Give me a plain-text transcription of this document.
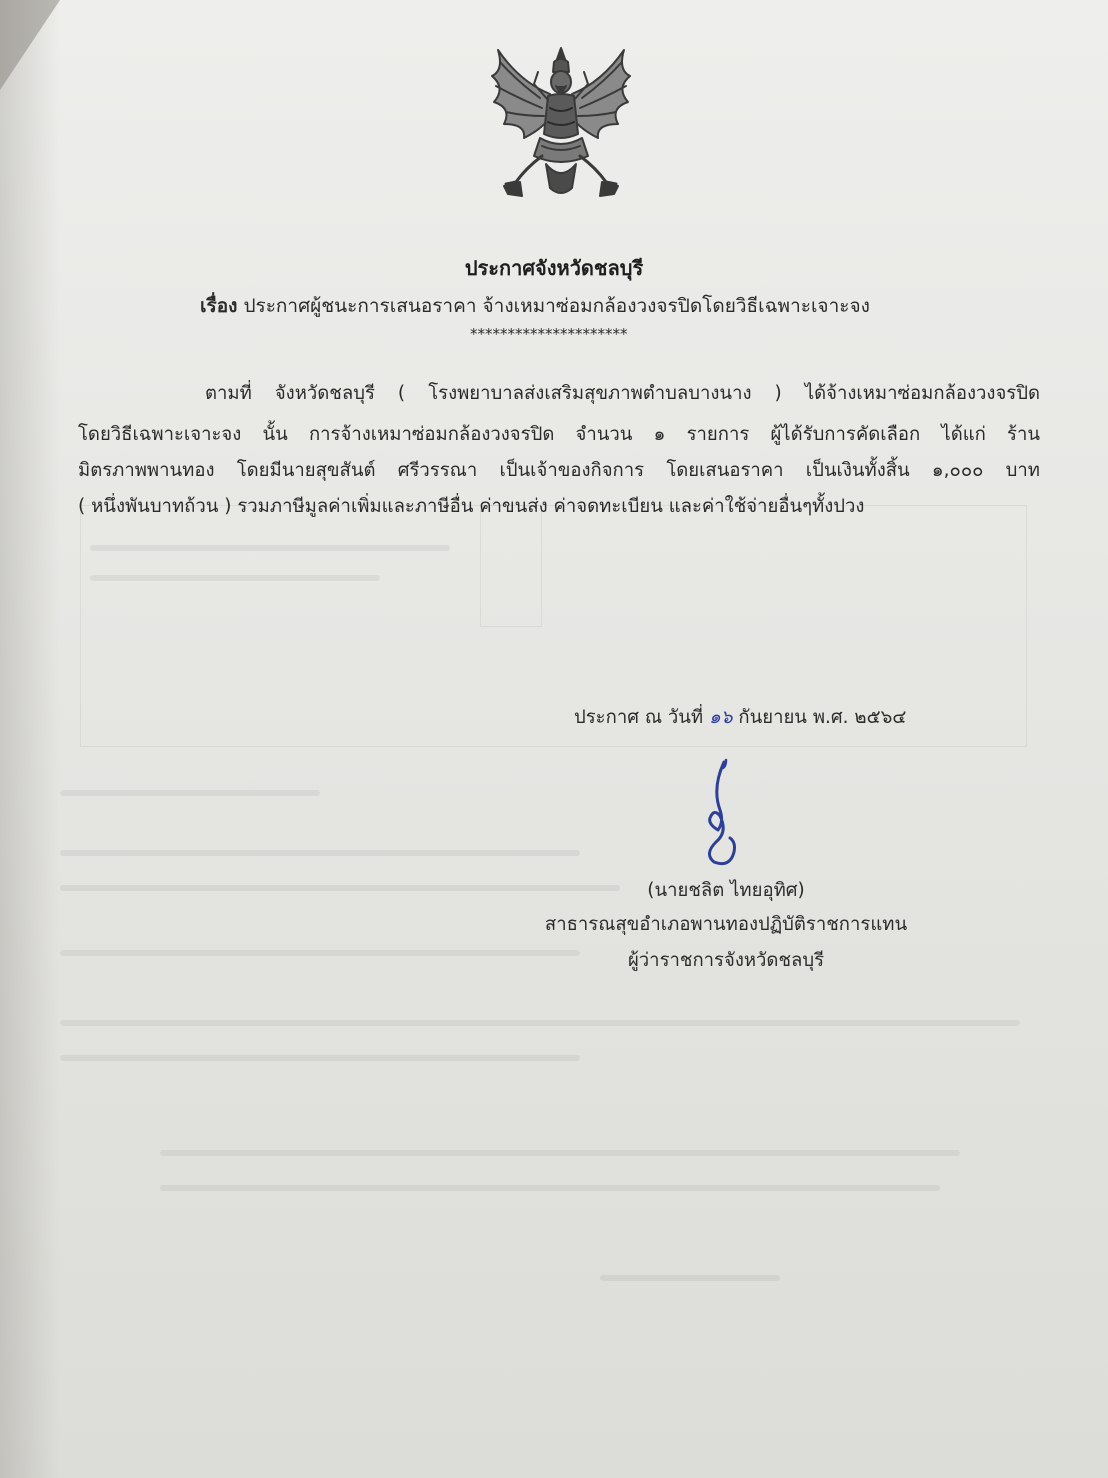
ประกาศจังหวัดชลบุรี
เรื่อง ประกาศผู้ชนะการเสนอราคา จ้างเหมาซ่อมกล้องวงจรปิดโดยวิธีเฉพาะเจาะจง
*********************
ตามที่ จังหวัดชลบุรี ( โรงพยาบาลส่งเสริมสุขภาพตำบลบางนาง ) ได้จ้างเหมาซ่อมกล้องวงจรปิด
โดยวิธีเฉพาะเจาะจง นั้น การจ้างเหมาซ่อมกล้องวงจรปิด จำนวน ๑ รายการ ผู้ได้รับการคัดเลือก ได้แก่ ร้าน
มิตรภาพพานทอง โดยมีนายสุขสันต์ ศรีวรรณา เป็นเจ้าของกิจการ โดยเสนอราคา เป็นเงินทั้งสิ้น ๑,๐๐๐ บาท
( หนึ่งพันบาทถ้วน ) รวมภาษีมูลค่าเพิ่มและภาษีอื่น ค่าขนส่ง ค่าจดทะเบียน และค่าใช้จ่ายอื่นๆทั้งปวง
ประกาศ ณ วันที่ ๑๖ กันยายน พ.ศ. ๒๕๖๔
(นายชลิต ไทยอุทิศ)
สาธารณสุขอำเภอพานทองปฏิบัติราชการแทน
ผู้ว่าราชการจังหวัดชลบุรี
